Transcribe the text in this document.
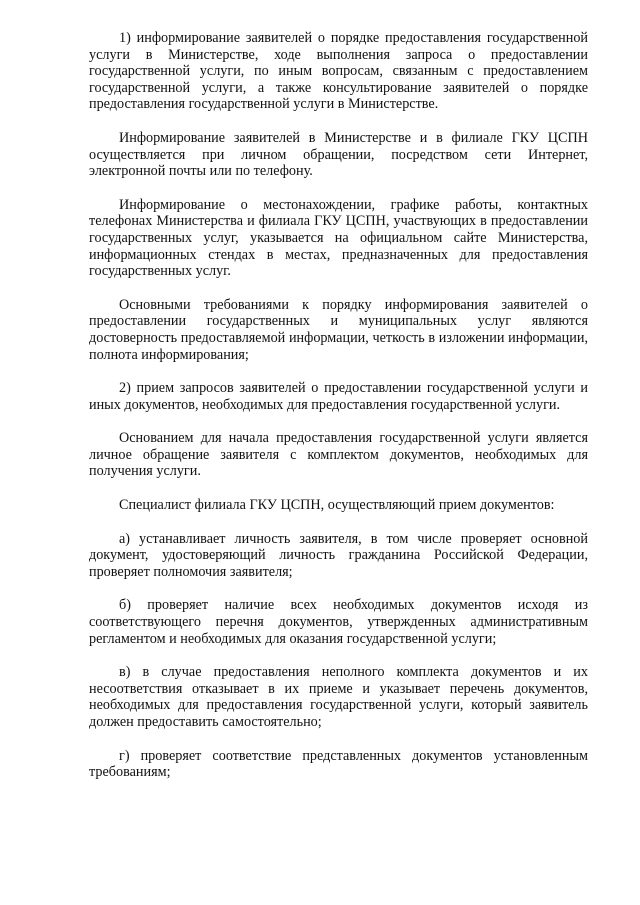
1) информирование заявителей о порядке предоставления государственной услуги в Министерстве, ходе выполнения запроса о предоставлении государственной услуги, по иным вопросам, связанным с предоставлением государственной услуги, а также консультирование заявителей о порядке предоставления государственной услуги в Министерстве.

Информирование заявителей в Министерстве и в филиале ГКУ ЦСПН осуществляется при личном обращении, посредством сети Интернет, электронной почты или по телефону.

Информирование о местонахождении, графике работы, контактных телефонах Министерства и филиала ГКУ ЦСПН, участвующих в предоставлении государственных услуг, указывается на официальном сайте Министерства, информационных стендах в местах, предназначенных для предоставления государственных услуг.

Основными требованиями к порядку информирования заявителей о предоставлении государственных и муниципальных услуг являются достоверность предоставляемой информации, четкость в изложении информации, полнота информирования;

2) прием запросов заявителей о предоставлении государственной услуги и иных документов, необходимых для предоставления государственной услуги.

Основанием для начала предоставления государственной услуги является личное обращение заявителя с комплектом документов, необходимых для получения услуги.

Специалист филиала ГКУ ЦСПН, осуществляющий прием документов:

а) устанавливает личность заявителя, в том числе проверяет основной документ, удостоверяющий личность гражданина Российской Федерации, проверяет полномочия заявителя;

б) проверяет наличие всех необходимых документов исходя из соответствующего перечня документов, утвержденных административным регламентом и необходимых для оказания государственной услуги;

в) в случае предоставления неполного комплекта документов и их несоответствия отказывает в их приеме и указывает перечень документов, необходимых для предоставления государственной услуги, который заявитель должен предоставить самостоятельно;

г) проверяет соответствие представленных документов установленным требованиям;
